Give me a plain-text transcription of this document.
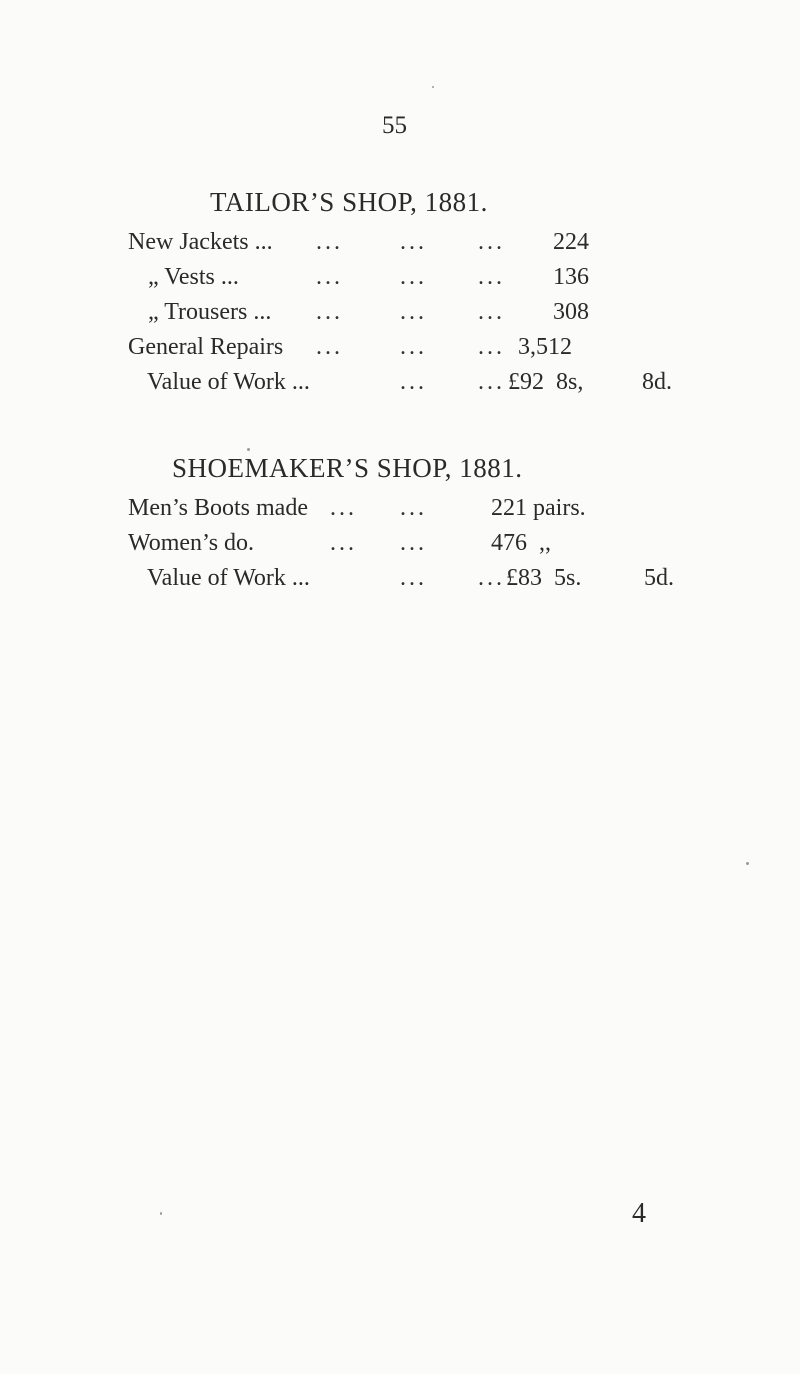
55
TAILOR’S SHOP, 1881.
New Jackets ... ... ... ... 224
„ Vests ...	... ... ... 136
„ Trousers ... ... ... ... 308
General Repairs ... ... ... 3,512
Value of Work ...	... ... £92  8s, 8d.
SHOEMAKER’S SHOP, 1881.
Men’s Boots made ... ...	221 pairs.
Women’s do.	... ...	476  ,,
Value of Work ...	... ... £83  5s.	5d.
4
